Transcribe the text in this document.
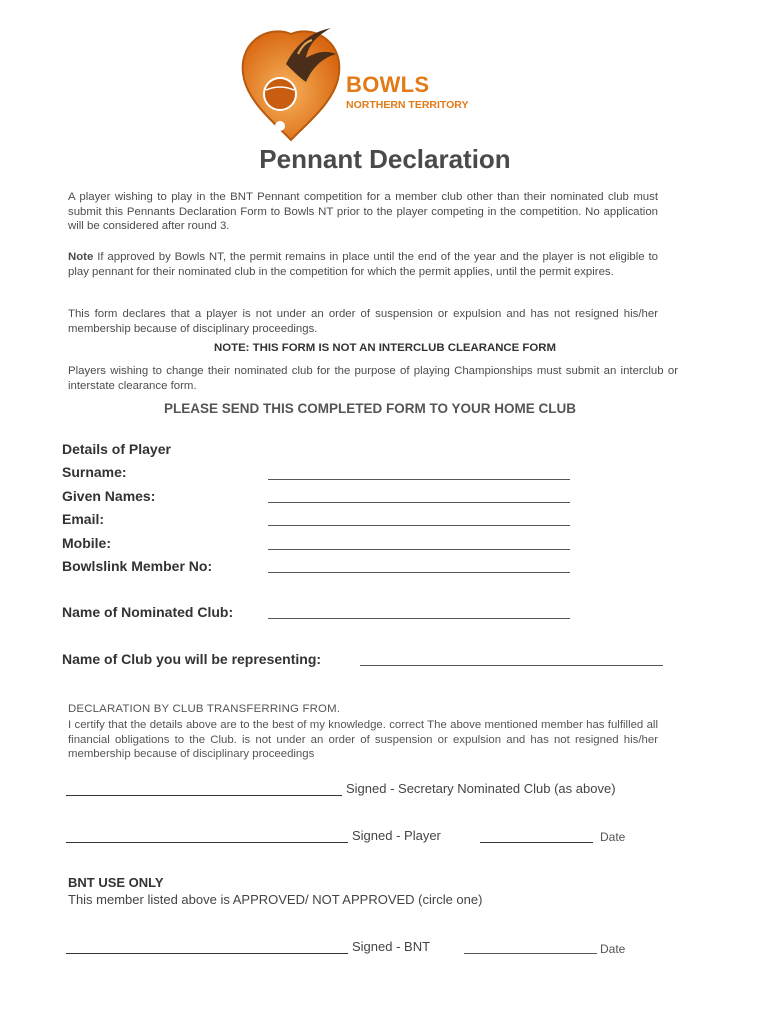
BOWLS
NORTHERN TERRITORY
Pennant Declaration
A player wishing to play in the BNT Pennant competition for a member club other than their nominated club must submit this Pennants Declaration Form to Bowls NT prior to the player competing in the competition. No application will be considered after round 3.
Note If approved by Bowls NT, the permit remains in place until the end of the year and the player is not eligible to play pennant for their nominated club in the competition for which the permit applies, until the permit expires.
This form declares that a player is not under an order of suspension or expulsion and has not resigned his/her membership because of disciplinary proceedings.
NOTE: THIS FORM IS NOT AN INTERCLUB CLEARANCE FORM
Players wishing to change their nominated club for the purpose of playing Championships must submit an interclub or interstate clearance form.
PLEASE SEND THIS COMPLETED FORM TO YOUR HOME CLUB
Details of Player
Surname:
Given Names:
Email:
Mobile:
Bowlslink Member No:
Name of Nominated Club:
Name of Club you will be representing:
DECLARATION BY CLUB TRANSFERRING FROM.
I certify that the details above are to the best of my knowledge. correct The above mentioned member has fulfilled all financial obligations to the Club. is not under an order of suspension or expulsion and has not resigned his/her membership because of disciplinary proceedings
Signed - Secretary Nominated Club (as above)
Signed - Player	Date
BNT USE ONLY
This member listed above is APPROVED/ NOT APPROVED (circle one)
Signed - BNT	Date
